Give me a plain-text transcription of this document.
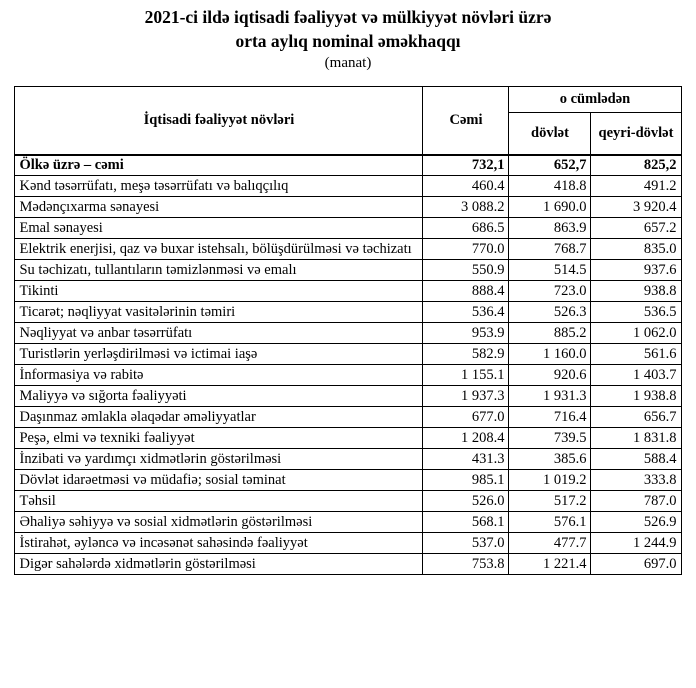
2021-ci ildə iqtisadi fəaliyyət və mülkiyyət növləri üzrə
orta aylıq nominal əməkhaqqı
(manat)
İqtisadi fəaliyyət növləri	Cəmi	o cümlədən	
		dövlət	qeyri-dövlət
Ölkə üzrə – cəmi	732,1	652,7	825,2
Kənd təsərrüfatı, meşə təsərrüfatı və balıqçılıq	460.4	418.8	491.2
Mədənçıxarma sənayesi	3 088.2	1 690.0	3 920.4
Emal sənayesi	686.5	863.9	657.2
Elektrik enerjisi, qaz və buxar istehsalı, bölüşdürülməsi və təchizatı	770.0	768.7	835.0
Su təchizatı, tullantıların təmizlənməsi və emalı	550.9	514.5	937.6
Tikinti	888.4	723.0	938.8
Ticarət; nəqliyyat vasitələrinin təmiri	536.4	526.3	536.5
Nəqliyyat və anbar təsərrüfatı	953.9	885.2	1 062.0
Turistlərin yerləşdirilməsi və ictimai iaşə	582.9	1 160.0	561.6
İnformasiya və rabitə	1 155.1	920.6	1 403.7
Maliyyə və sığorta fəaliyyəti	1 937.3	1 931.3	1 938.8
Daşınmaz əmlakla əlaqədar əməliyyatlar	677.0	716.4	656.7
Peşə, elmi və texniki fəaliyyət	1 208.4	739.5	1 831.8
İnzibati və yardımçı xidmətlərin göstərilməsi	431.3	385.6	588.4
Dövlət idarəetməsi və müdafiə; sosial təminat	985.1	1 019.2	333.8
Təhsil	526.0	517.2	787.0
Əhaliyə səhiyyə və sosial xidmətlərin göstərilməsi	568.1	576.1	526.9
İstirahət, əyləncə və incəsənət sahəsində fəaliyyət	537.0	477.7	1 244.9
Digər sahələrdə xidmətlərin göstərilməsi	753.8	1 221.4	697.0
